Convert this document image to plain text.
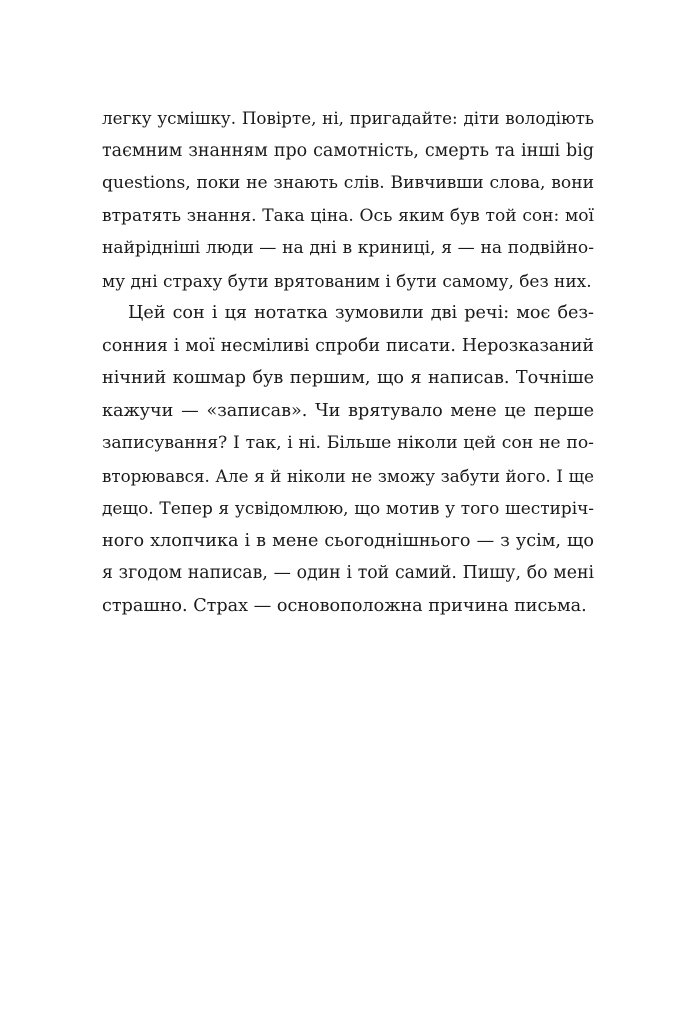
легку усмішку. Повірте, ні, пригадайте: діти володіють
таємним знанням про самотність, смерть та інші big
questions, поки не знають слів. Вивчивши слова, вони
втратять знання. Така ціна. Ось яким був той сон: мої
найрідніші люди — на дні в криниці, я — на подвійно-
му дні страху бути врятованим і бути самому, без них.
Цей сон і ця нотатка зумовили дві речі: моє без-
сонния і мої несміливі спроби писати. Нерозказаний
нічний кошмар був першим, що я написав. Точніше
кажучи — «записав». Чи врятувало мене це перше
записування? І так, і ні. Більше ніколи цей сон не по-
вторювався. Але я й ніколи не зможу забути його. І ще
дещо. Тепер я усвідомлюю, що мотив у того шестиріч-
ного хлопчика і в мене сьогоднішнього — з усім, що
я згодом написав, — один і той самий. Пишу, бо мені
страшно. Страх — основоположна причина письма.
